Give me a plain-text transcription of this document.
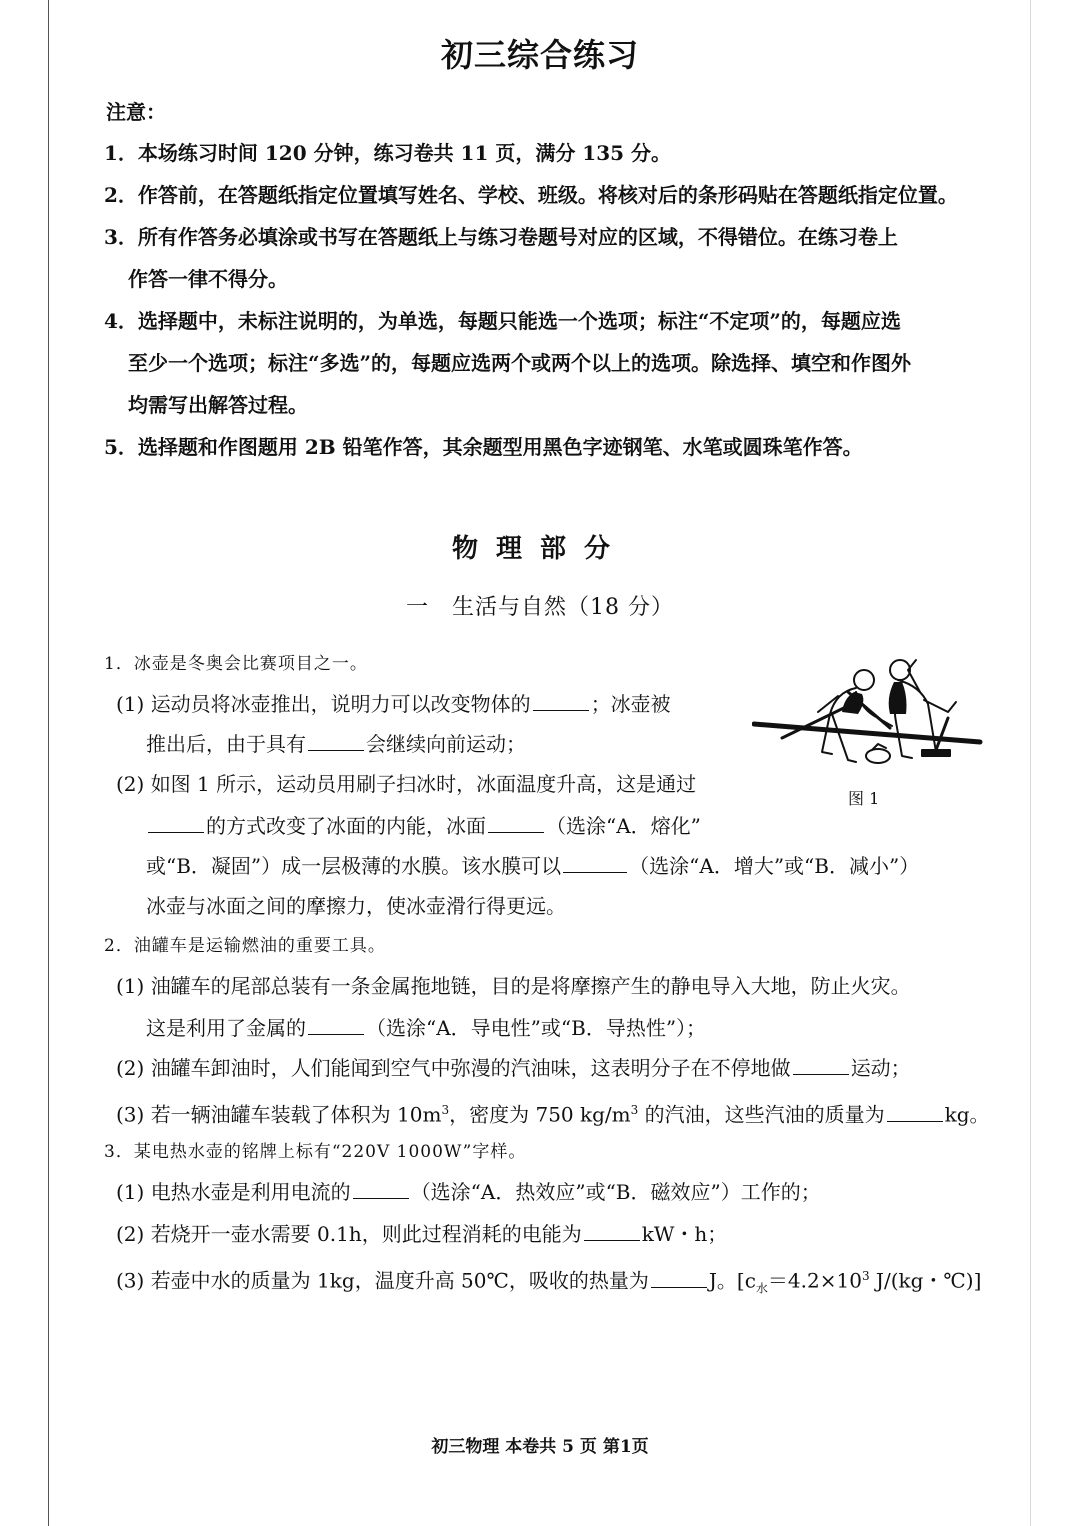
初三综合练习
注意：
1．本场练习时间 120 分钟，练习卷共 11 页，满分 135 分。
2．作答前，在答题纸指定位置填写姓名、学校、班级。将核对后的条形码贴在答题纸指定位置。
3．所有作答务必填涂或书写在答题纸上与练习卷题号对应的区域，不得错位。在练习卷上
作答一律不得分。
4．选择题中，未标注说明的，为单选，每题只能选一个选项；标注“不定项”的，每题应选
至少一个选项；标注“多选”的，每题应选两个或两个以上的选项。除选择、填空和作图外
均需写出解答过程。
5．选择题和作图题用 2B 铅笔作答，其余题型用黑色字迹钢笔、水笔或圆珠笔作答。
物理部分
一　生活与自然（18 分）
1．冰壶是冬奥会比赛项目之一。
(1) 运动员将冰壶推出，说明力可以改变物体的	；冰壶被
推出后，由于具有	会继续向前运动；
(2) 如图 1 所示，运动员用刷子扫冰时，冰面温度升高，这是通过
的方式改变了冰面的内能，冰面	（选涂“A．熔化”
或“B．凝固”）成一层极薄的水膜。该水膜可以	（选涂“A．增大”或“B．减小”）
冰壶与冰面之间的摩擦力，使冰壶滑行得更远。
图 1
2．油罐车是运输燃油的重要工具。
(1) 油罐车的尾部总装有一条金属拖地链，目的是将摩擦产生的静电导入大地，防止火灾。
这是利用了金属的	（选涂“A．导电性”或“B．导热性”）；
(2) 油罐车卸油时，人们能闻到空气中弥漫的汽油味，这表明分子在不停地做	运动；
(3) 若一辆油罐车装载了体积为 $10m^3$，密度为 750 $kg/m^3$ 的汽油，这些汽油的质量为	kg。
3．某电热水壶的铭牌上标有“220V 1000W”字样。
(1) 电热水壶是利用电流的	（选涂“A．热效应”或“B．磁效应”）工作的；
(2) 若烧开一壶水需要 0.1h，则此过程消耗的电能为	kW・h；
(3) 若壶中水的质量为 1kg，温度升高 50℃，吸收的热量为	J。[$c_水=4.2\times 10^3$ J/(kg・℃)]
初三物理 本卷共 5 页 第1页
